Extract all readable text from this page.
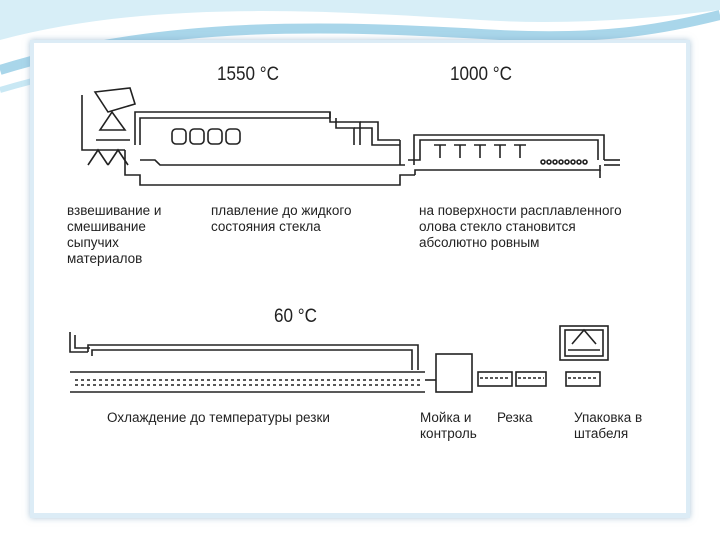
1550 °C	1000 °C
60 °C
взвешивание и
смешивание
сыпучих
материалов
плавление до жидкого
состояния стекла
на поверхности расплавленного
олова стекло становится
абсолютно ровным
Охлаждение до температуры резки	Мойка и
контроль
Резка	Упаковка в
штабеля
